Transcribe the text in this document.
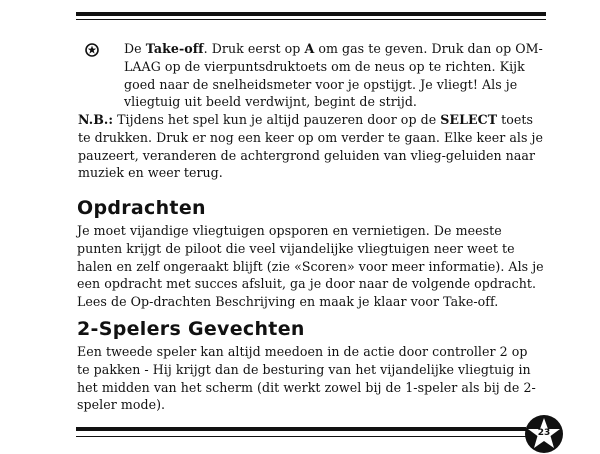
De Take-off. Druk eerst op A om gas te geven. Druk dan op OM-LAAG op de vierpuntsdruktoets om de neus op te richten. Kijk goed naar de snelheidsmeter voor je opstijgt. Je vliegt! Als je vliegtuig uit beeld verdwijnt, begint de strijd.

N.B.: Tijdens het spel kun je altijd pauzeren door op de SELECT toets te drukken. Druk er nog een keer op om verder te gaan. Elke keer als je pauzeert, veranderen de achtergrond geluiden van vlieg-geluiden naar muziek en weer terug.

Opdrachten

Je moet vijandige vliegtuigen opsporen en vernietigen. De meeste punten krijgt de piloot die veel vijandelijke vliegtuigen neer weet te halen en zelf ongeraakt blijft (zie «Scoren» voor meer informatie). Als je een opdracht met succes afsluit, ga je door naar de volgende opdracht. Lees de Op-drachten Beschrijving en maak je klaar voor Take-off.

2-Spelers Gevechten

Een tweede speler kan altijd meedoen in de actie door controller 2 op te pakken - Hij krijgt dan de besturing van het vijandelijke vliegtuig in het midden van het scherm (dit werkt zowel bij de 1-speler als bij de 2-speler mode).

23
